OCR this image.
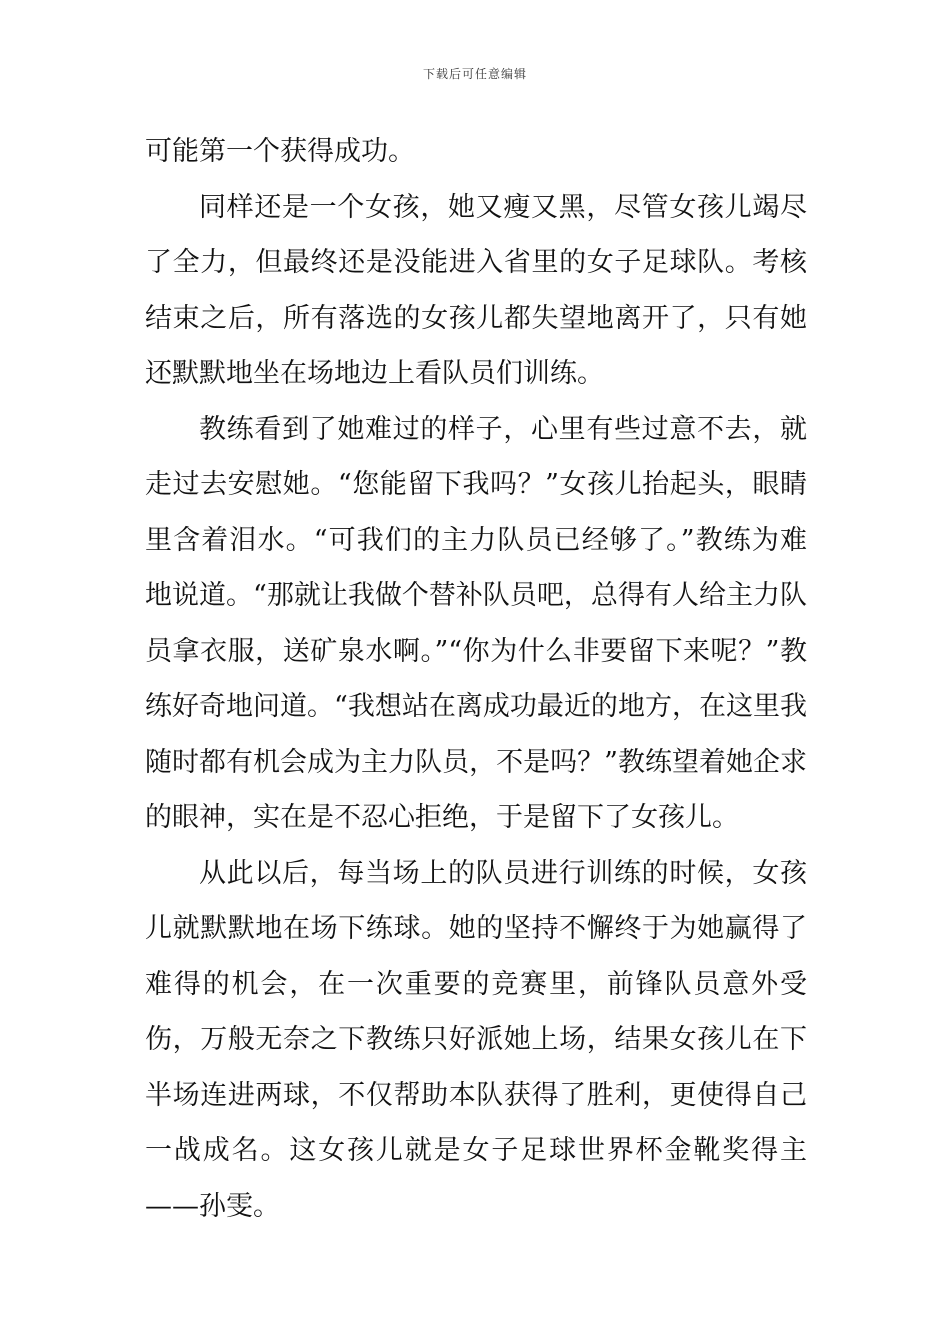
下载后可任意编辑

可能第一个获得成功。

同样还是一个女孩，她又瘦又黑，尽管女孩儿竭尽了全力，但最终还是没能进入省里的女子足球队。考核结束之后，所有落选的女孩儿都失望地离开了，只有她还默默地坐在场地边上看队员们训练。

教练看到了她难过的样子，心里有些过意不去，就走过去安慰她。“您能留下我吗？”女孩儿抬起头，眼睛里含着泪水。“可我们的主力队员已经够了。”教练为难地说道。“那就让我做个替补队员吧，总得有人给主力队员拿衣服，送矿泉水啊。”“你为什么非要留下来呢？”教练好奇地问道。“我想站在离成功最近的地方，在这里我随时都有机会成为主力队员，不是吗？”教练望着她企求的眼神，实在是不忍心拒绝，于是留下了女孩儿。

从此以后，每当场上的队员进行训练的时候，女孩儿就默默地在场下练球。她的坚持不懈终于为她赢得了难得的机会，在一次重要的竞赛里，前锋队员意外受伤，万般无奈之下教练只好派她上场，结果女孩儿在下半场连进两球，不仅帮助本队获得了胜利，更使得自己一战成名。这女孩儿就是女子足球世界杯金靴奖得主——孙雯。
